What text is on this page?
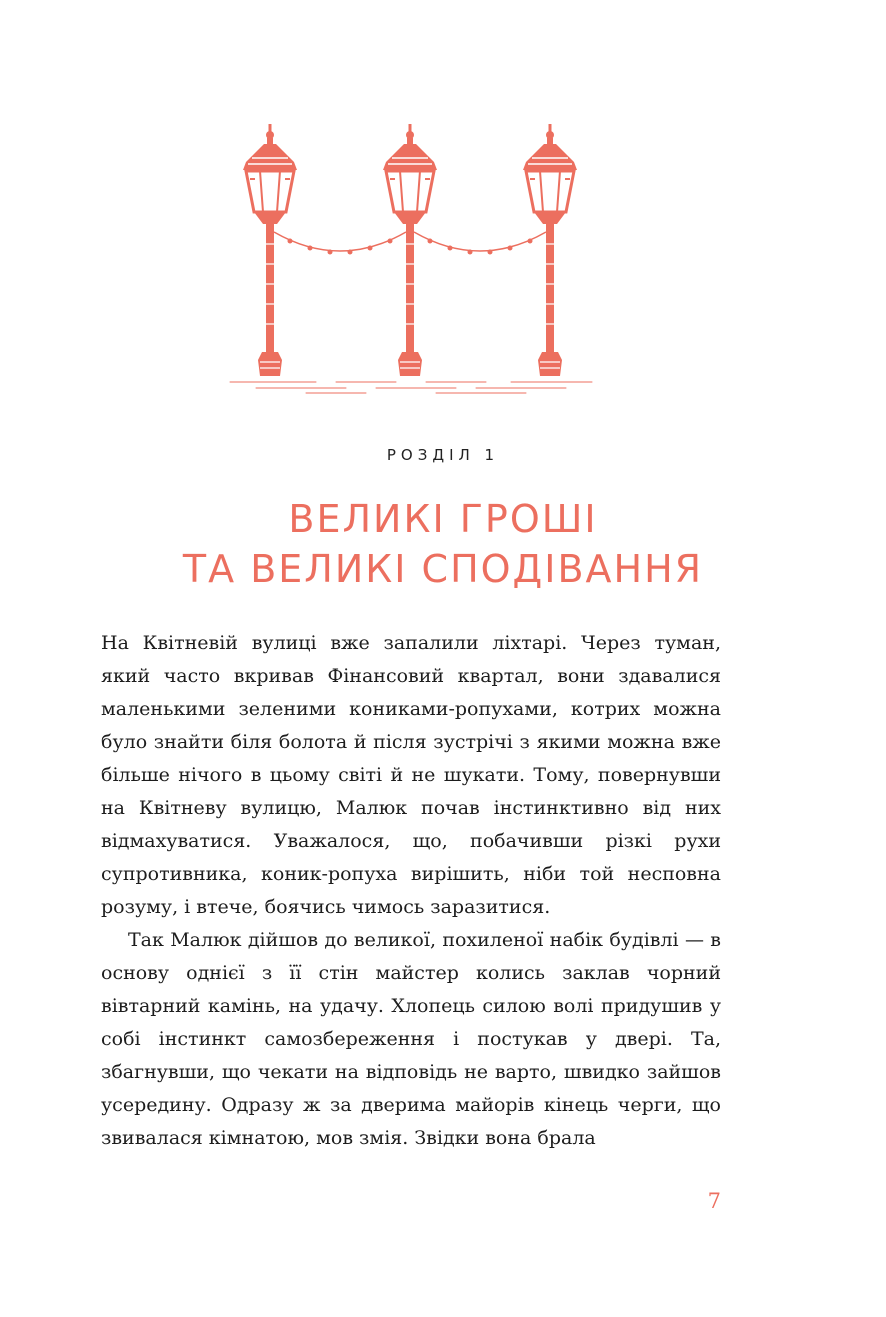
РОЗДІЛ 1
ВЕЛИКІ ГРОШІ
ТА ВЕЛИКІ СПОДІВАННЯ

На Квітневій вулиці вже запалили ліхтарі. Через туман, який часто вкривав Фінансовий квартал, вони здавалися маленькими зеленими кониками-ропухами, котрих можна було знайти біля болота й після зустрічі з якими можна вже більше нічого в цьому світі й не шукати. Тому, повернувши на Квітневу вулицю, Малюк почав інстинктивно від них відмахуватися. Уважалося, що, побачивши різкі рухи супротивника, коник-ропуха вирішить, ніби той несповна розуму, і втече, боячись чимось заразитися.

Так Малюк дійшов до великої, похиленої набік будівлі — в основу однієї з її стін майстер колись заклав чорний вівтарний камінь, на удачу. Хлопець силою волі придушив у собі інстинкт самозбереження і постукав у двері. Та, збагнувши, що чекати на відповідь не варто, швидко зайшов усередину. Одразу ж за дверима майорів кінець черги, що звивалася кімнатою, мов змія. Звідки вона брала

7
